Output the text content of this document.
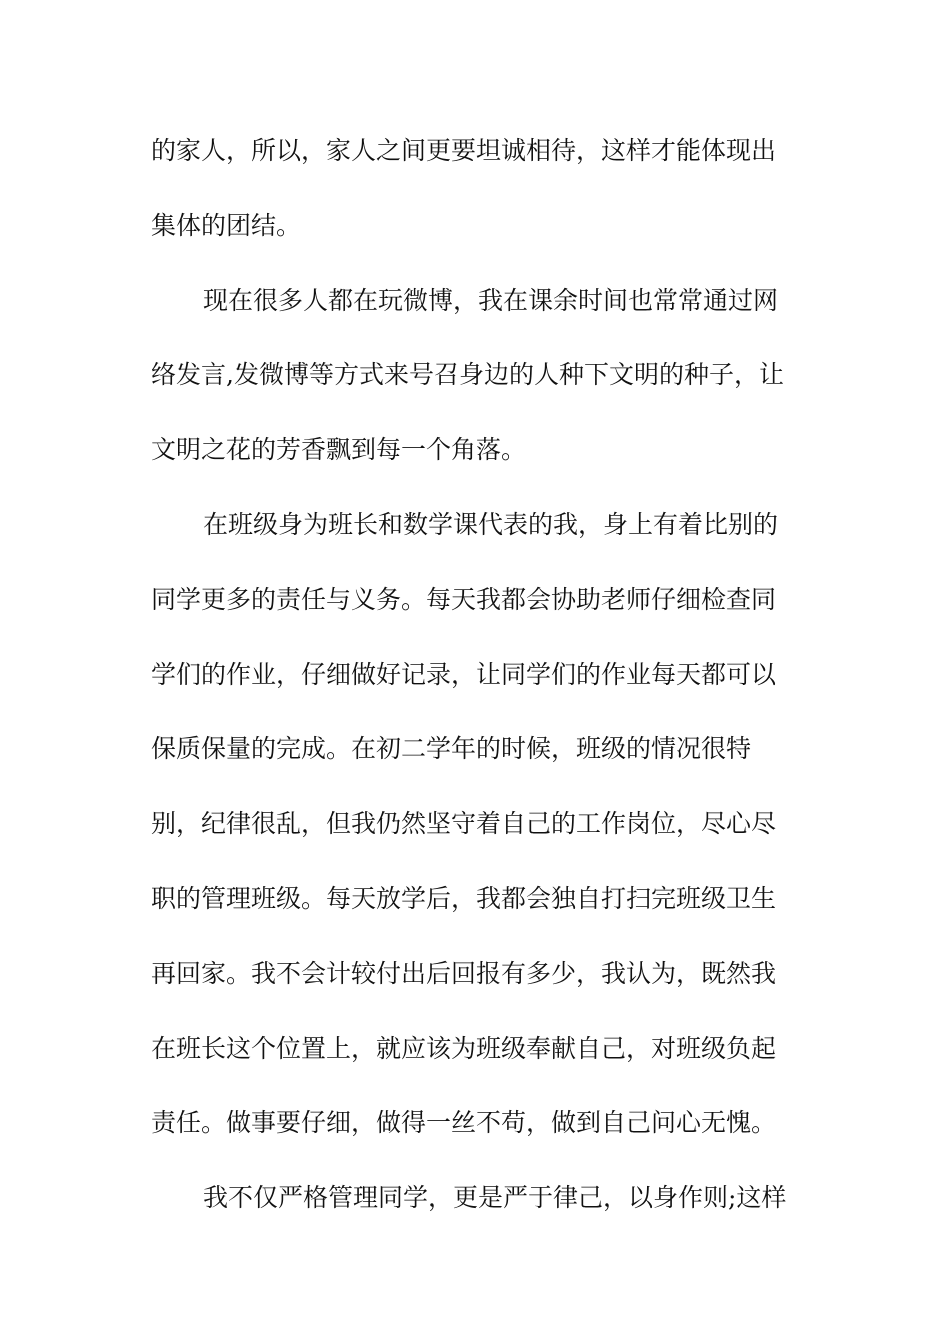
的家人，所以，家人之间更要坦诚相待，这样才能体现出
集体的团结。
现在很多人都在玩微博，我在课余时间也常常通过网
络发言,发微博等方式来号召身边的人种下文明的种子，让
文明之花的芳香飘到每一个角落。
在班级身为班长和数学课代表的我，身上有着比别的
同学更多的责任与义务。每天我都会协助老师仔细检查同
学们的作业，仔细做好记录，让同学们的作业每天都可以
保质保量的完成。在初二学年的时候，班级的情况很特
别，纪律很乱，但我仍然坚守着自己的工作岗位，尽心尽
职的管理班级。每天放学后，我都会独自打扫完班级卫生
再回家。我不会计较付出后回报有多少，我认为，既然我
在班长这个位置上，就应该为班级奉献自己，对班级负起
责任。做事要仔细，做得一丝不苟，做到自己问心无愧。
我不仅严格管理同学，更是严于律己，以身作则;这样
